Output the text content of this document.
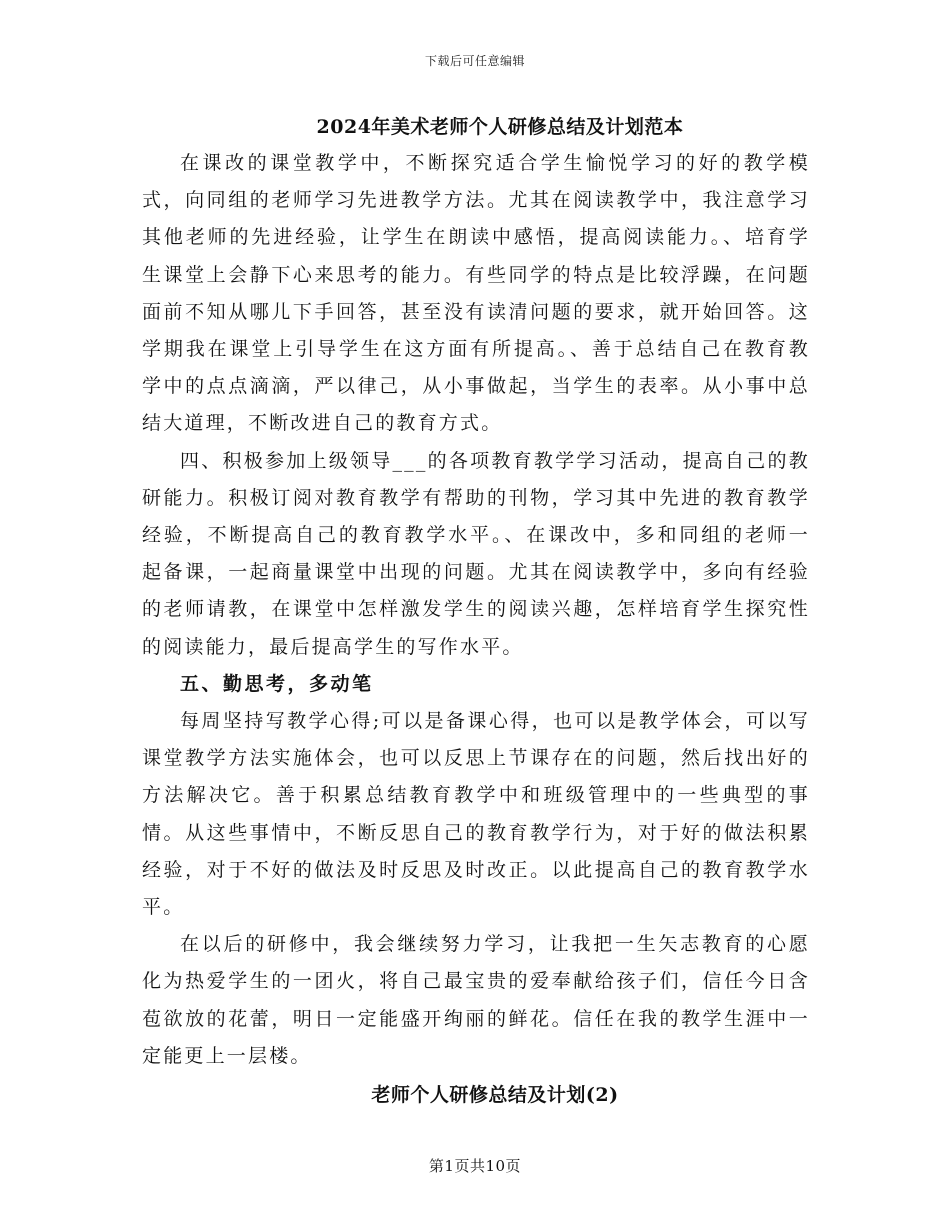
下载后可任意编辑
2024年美术老师个人研修总结及计划范本

在课改的课堂教学中，不断探究适合学生愉悦学习的好的教学模式，向同组的老师学习先进教学方法。尤其在阅读教学中，我注意学习其他老师的先进经验，让学生在朗读中感悟，提高阅读能力。、培育学生课堂上会静下心来思考的能力。有些同学的特点是比较浮躁，在问题面前不知从哪儿下手回答，甚至没有读清问题的要求，就开始回答。这学期我在课堂上引导学生在这方面有所提高。、善于总结自己在教育教学中的点点滴滴，严以律己，从小事做起，当学生的表率。从小事中总结大道理，不断改进自己的教育方式。

四、积极参加上级领导___的各项教育教学学习活动，提高自己的教研能力。积极订阅对教育教学有帮助的刊物，学习其中先进的教育教学经验，不断提高自己的教育教学水平。、在课改中，多和同组的老师一起备课，一起商量课堂中出现的问题。尤其在阅读教学中，多向有经验的老师请教，在课堂中怎样激发学生的阅读兴趣，怎样培育学生探究性的阅读能力，最后提高学生的写作水平。

五、勤思考，多动笔

每周坚持写教学心得;可以是备课心得，也可以是教学体会，可以写课堂教学方法实施体会，也可以反思上节课存在的问题，然后找出好的方法解决它。善于积累总结教育教学中和班级管理中的一些典型的事情。从这些事情中，不断反思自己的教育教学行为，对于好的做法积累经验，对于不好的做法及时反思及时改正。以此提高自己的教育教学水平。

在以后的研修中，我会继续努力学习，让我把一生矢志教育的心愿化为热爱学生的一团火，将自己最宝贵的爱奉献给孩子们，信任今日含苞欲放的花蕾，明日一定能盛开绚丽的鲜花。信任在我的教学生涯中一定能更上一层楼。

老师个人研修总结及计划(2)
第1页共10页
